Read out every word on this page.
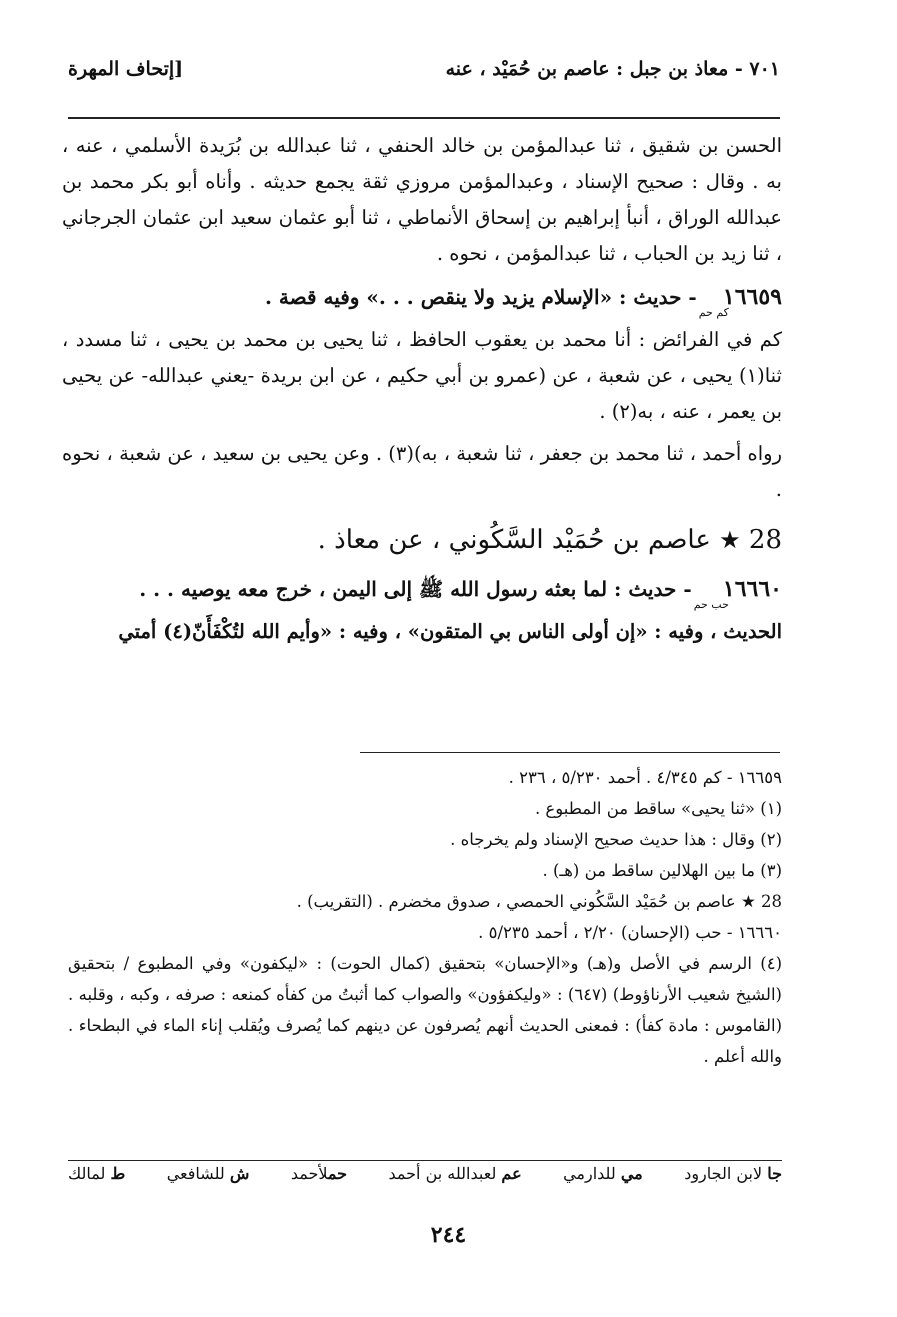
٧٠١ - معاذ بن جبل : عاصم بن حُمَيْد ، عنه
[إتحاف المهرة

الحسن بن شقيق ، ثنا عبدالمؤمن بن خالد الحنفي ، ثنا عبدالله بن بُرَيدة الأسلمي ، عنه ، به . وقال : صحيح الإسناد ، وعبدالمؤمن مروزي ثقة يجمع حديثه . وأناه أبو بكر محمد بن عبدالله الوراق ، أنبأ إبراهيم بن إسحاق الأنماطي ، ثنا أبو عثمان سعيد ابن عثمان الجرجاني ، ثنا زيد بن الحباب ، ثنا عبدالمؤمن ، نحوه .

$١٦٦٥٩_{كم حم}-$ حديث : «الإسلام يزيد ولا ينقص . . .» وفيه قصة .

كم في الفرائض : أنا محمد بن يعقوب الحافظ ، ثنا يحيى بن محمد بن يحيى ، ثنا مسدد ، ثنا(١) يحيى ، عن شعبة ، عن (عمرو بن أبي حكيم ، عن ابن بريدة -يعني عبدالله- عن يحيى بن يعمر ، عنه ، به(٢) .

رواه أحمد ، ثنا محمد بن جعفر ، ثنا شعبة ، به)(٣) . وعن يحيى بن سعيد ، عن شعبة ، نحوه .

28 ★ عاصم بن حُمَيْد السَّكُوني ، عن معاذ .
$١٦٦٦٠_{حب حم}-$ حديث : لما بعثه رسول الله ﷺ إلى اليمن ، خرج معه يوصيه . . .

الحديث ، وفيه : «إن أولى الناس بي المتقون» ، وفيه : «وأيم الله لتُكْفَأَنّ(٤) أمتي

١٦٦٥٩ - كم ٤/٣٤٥ . أحمد ٥/٢٣٠ ، ٢٣٦ .

(١) «ثنا يحيى» ساقط من المطبوع .

(٢) وقال : هذا حديث صحيح الإسناد ولم يخرجاه .

(٣) ما بين الهلالين ساقط من (هـ) .

28 ★ عاصم بن حُمَيْد السَّكُوني الحمصي ، صدوق مخضرم . (التقريب) .

١٦٦٦٠ - حب (الإحسان) ٢/٢٠ ، أحمد ٥/٢٣٥ .

(٤) الرسم في الأصل و(هـ) و«الإحسان» بتحقيق (كمال الحوت) : «ليكفون» وفي المطبوع / بتحقيق (الشيخ شعيب الأرناؤوط) (٦٤٧) : «وليكفؤون» والصواب كما أثبتُ من كفأه كمنعه : صرفه ، وكبه ، وقلبه . (القاموس : مادة كفأ) : فمعنى الحديث أنهم يُصرفون عن دينهم كما يُصرف ويُقلب إناء الماء في البطحاء . والله أعلم .

ط لمالك	ش للشافعي	حملأحمد	عم لعبدالله بن أحمد	مي للدارمي	جا لابن الجارود
٢٤٤
